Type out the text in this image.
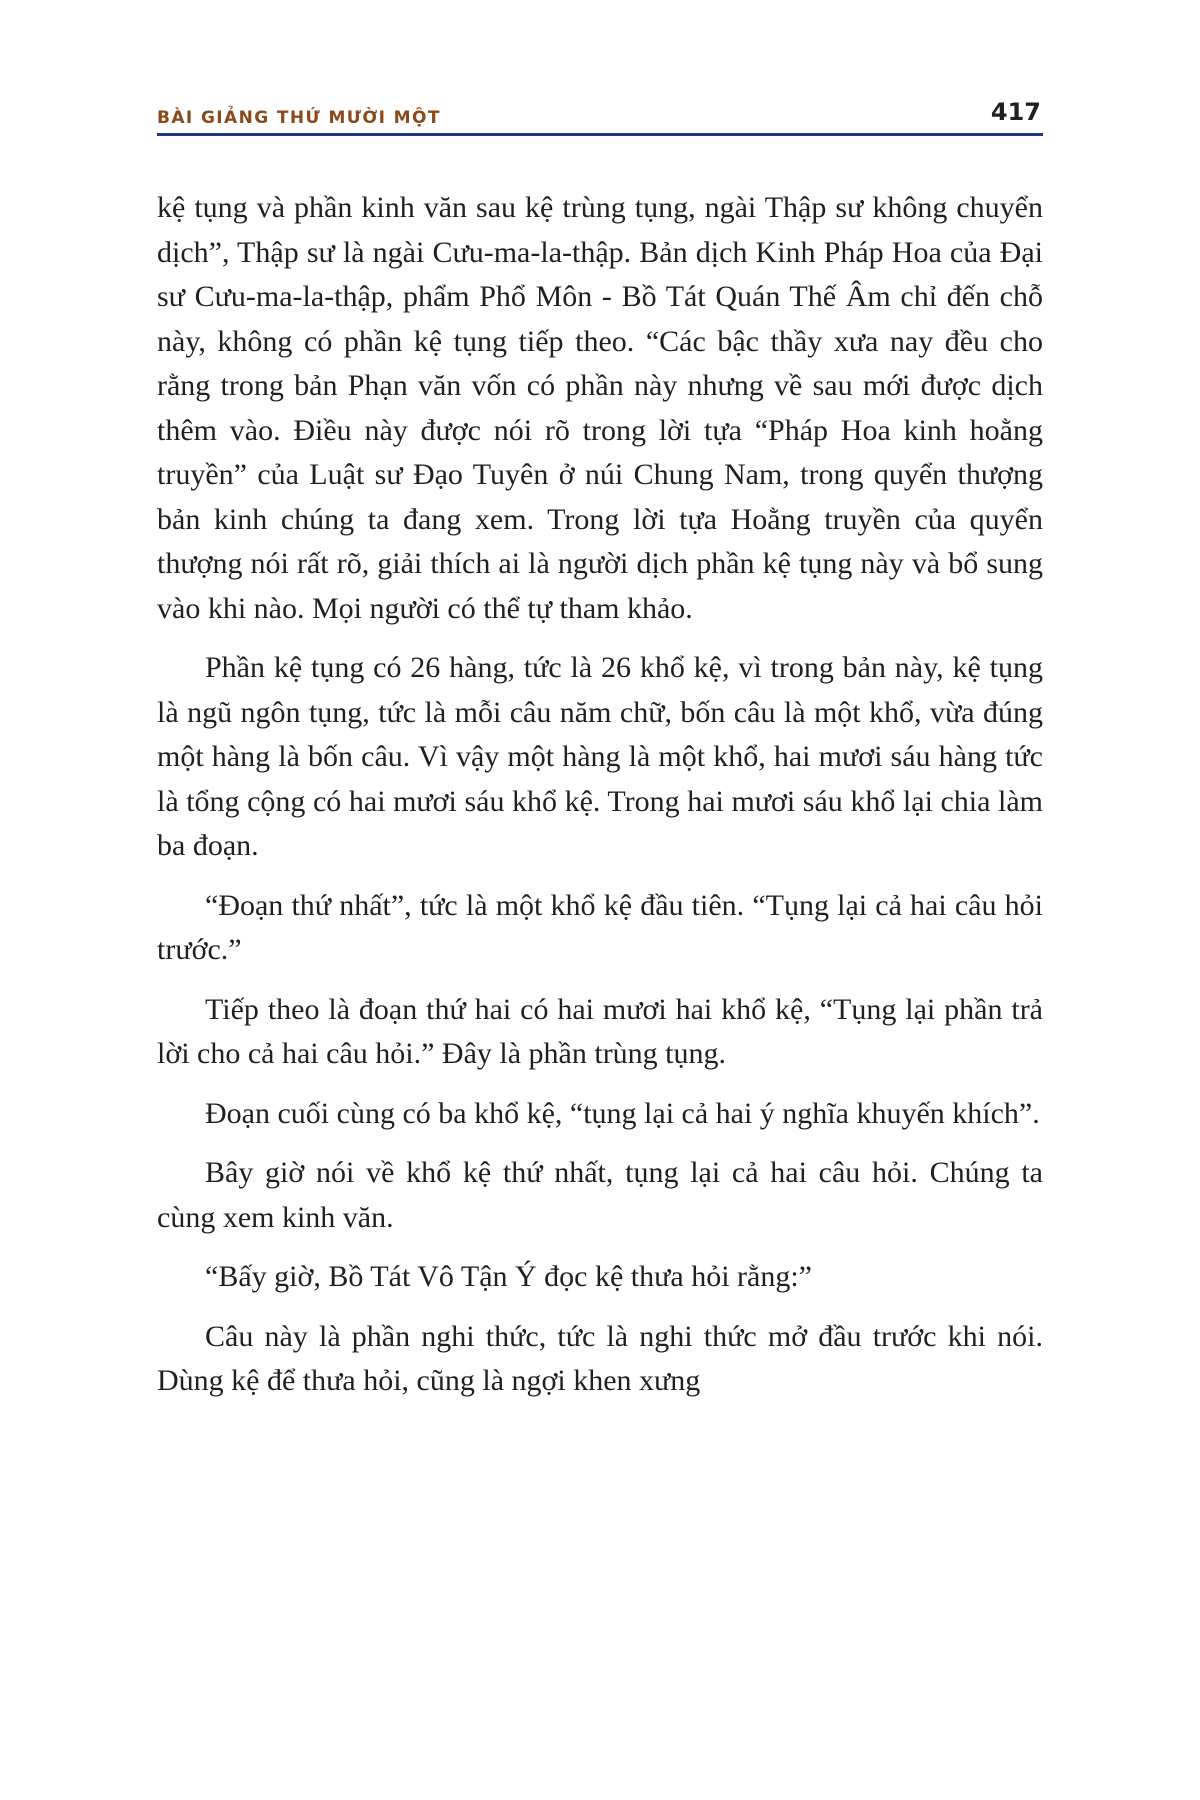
BÀI GIẢNG THỨ MƯỜI MỘT	417

kệ tụng và phần kinh văn sau kệ trùng tụng, ngài Thập sư không chuyển dịch”, Thập sư là ngài Cưu-ma-la-thập. Bản dịch Kinh Pháp Hoa của Đại sư Cưu-ma-la-thập, phẩm Phổ Môn - Bồ Tát Quán Thế Âm chỉ đến chỗ này, không có phần kệ tụng tiếp theo. “Các bậc thầy xưa nay đều cho rằng trong bản Phạn văn vốn có phần này nhưng về sau mới được dịch thêm vào. Điều này được nói rõ trong lời tựa “Pháp Hoa kinh hoằng truyền” của Luật sư Đạo Tuyên ở núi Chung Nam, trong quyển thượng bản kinh chúng ta đang xem. Trong lời tựa Hoằng truyền của quyển thượng nói rất rõ, giải thích ai là người dịch phần kệ tụng này và bổ sung vào khi nào. Mọi người có thể tự tham khảo.

Phần kệ tụng có 26 hàng, tức là 26 khổ kệ, vì trong bản này, kệ tụng là ngũ ngôn tụng, tức là mỗi câu năm chữ, bốn câu là một khổ, vừa đúng một hàng là bốn câu. Vì vậy một hàng là một khổ, hai mươi sáu hàng tức là tổng cộng có hai mươi sáu khổ kệ. Trong hai mươi sáu khổ lại chia làm ba đoạn.

“Đoạn thứ nhất”, tức là một khổ kệ đầu tiên. “Tụng lại cả hai câu hỏi trước.”

Tiếp theo là đoạn thứ hai có hai mươi hai khổ kệ, “Tụng lại phần trả lời cho cả hai câu hỏi.” Đây là phần trùng tụng.

Đoạn cuối cùng có ba khổ kệ, “tụng lại cả hai ý nghĩa khuyến khích”.

Bây giờ nói về khổ kệ thứ nhất, tụng lại cả hai câu hỏi. Chúng ta cùng xem kinh văn.

“Bấy giờ, Bồ Tát Vô Tận Ý đọc kệ thưa hỏi rằng:”

Câu này là phần nghi thức, tức là nghi thức mở đầu trước khi nói. Dùng kệ để thưa hỏi, cũng là ngợi khen xưng
